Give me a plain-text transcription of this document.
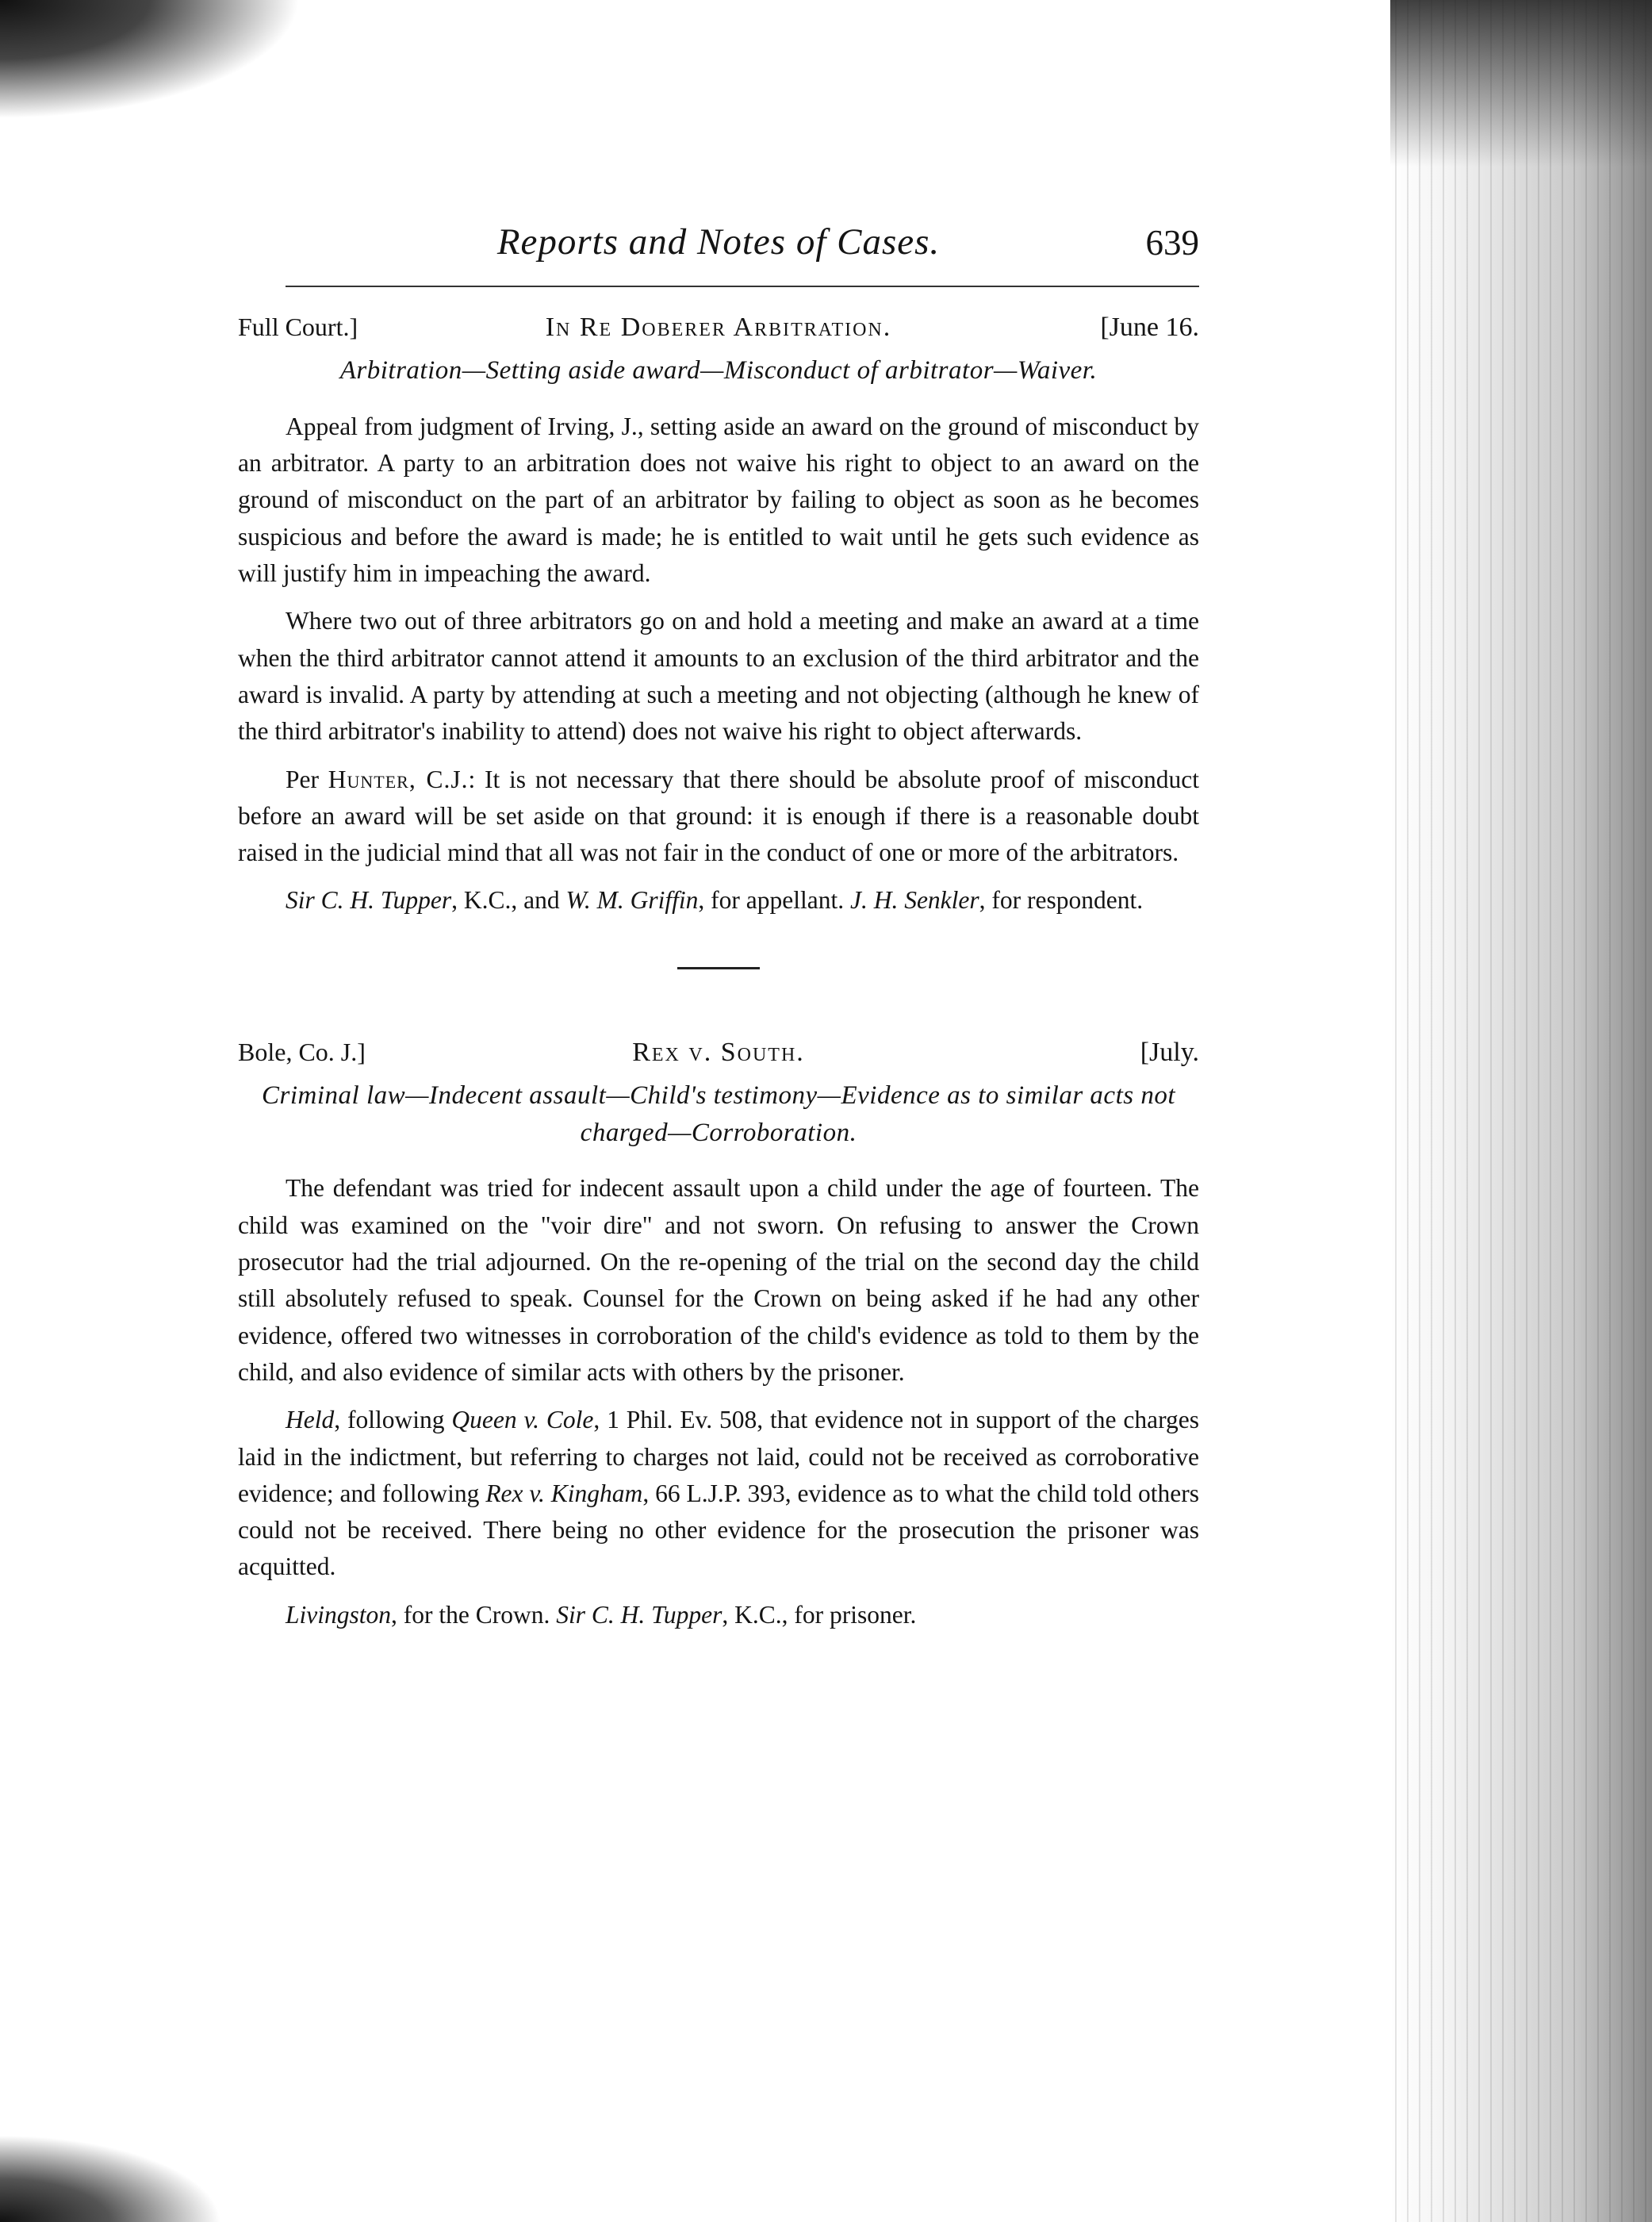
Reports and Notes of Cases.	639
Full Court.]	In Re Doberer Arbitration.	[June 16.
Arbitration—Setting aside award—Misconduct of arbitrator—Waiver.

Appeal from judgment of Irving, J., setting aside an award on the ground of misconduct by an arbitrator. A party to an arbitration does not waive his right to object to an award on the ground of misconduct on the part of an arbitrator by failing to object as soon as he becomes suspicious and before the award is made; he is entitled to wait until he gets such evidence as will justify him in impeaching the award.

Where two out of three arbitrators go on and hold a meeting and make an award at a time when the third arbitrator cannot attend it amounts to an exclusion of the third arbitrator and the award is invalid. A party by attending at such a meeting and not objecting (although he knew of the third arbitrator's inability to attend) does not waive his right to object afterwards.

Per Hunter, C.J.: It is not necessary that there should be absolute proof of misconduct before an award will be set aside on that ground: it is enough if there is a reasonable doubt raised in the judicial mind that all was not fair in the conduct of one or more of the arbitrators.

Sir C. H. Tupper, K.C., and W. M. Griffin, for appellant. J. H. Senkler, for respondent.

Bole, Co. J.]	Rex v. South.	[July.
Criminal law—Indecent assault—Child's testimony—Evidence as to similar acts not charged—Corroboration.

The defendant was tried for indecent assault upon a child under the age of fourteen. The child was examined on the "voir dire" and not sworn. On refusing to answer the Crown prosecutor had the trial adjourned. On the re-opening of the trial on the second day the child still absolutely refused to speak. Counsel for the Crown on being asked if he had any other evidence, offered two witnesses in corroboration of the child's evidence as told to them by the child, and also evidence of similar acts with others by the prisoner.

Held, following Queen v. Cole, 1 Phil. Ev. 508, that evidence not in support of the charges laid in the indictment, but referring to charges not laid, could not be received as corroborative evidence; and following Rex v. Kingham, 66 L.J.P. 393, evidence as to what the child told others could not be received. There being no other evidence for the prosecution the prisoner was acquitted.

Livingston, for the Crown. Sir C. H. Tupper, K.C., for prisoner.
